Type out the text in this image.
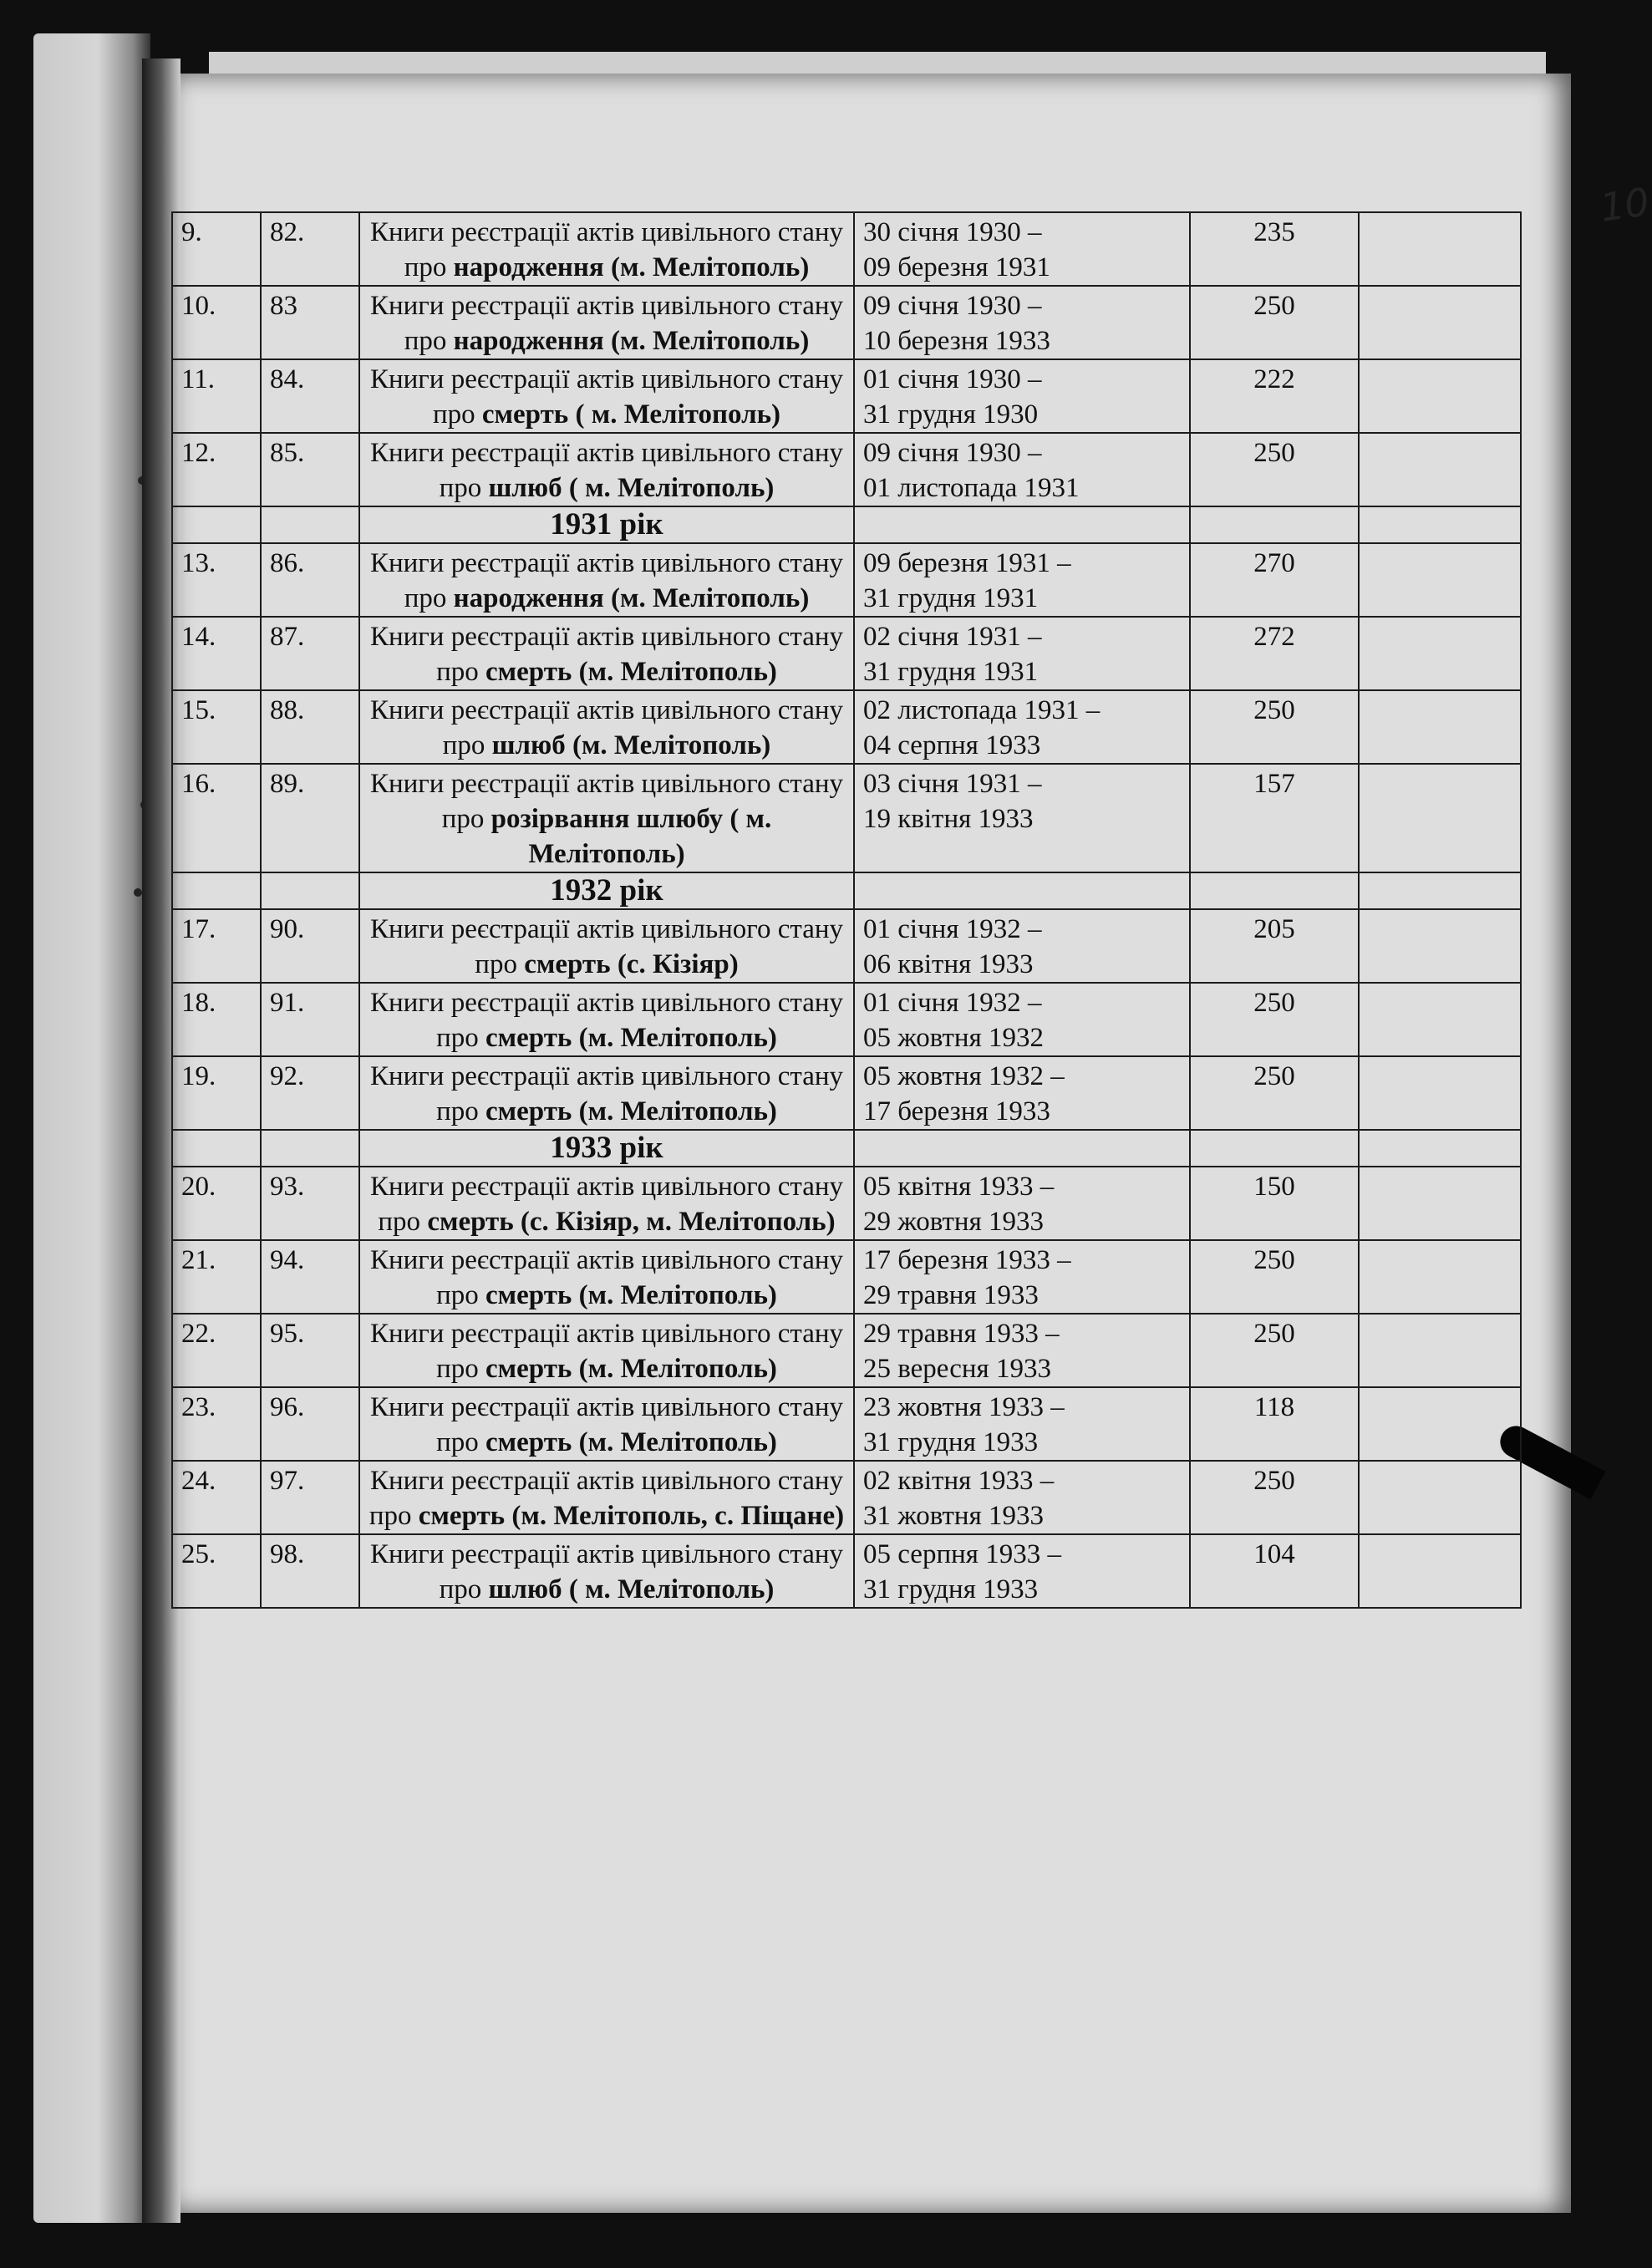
10
9.	82.	Книги реєстрації актів цивільного стану про народження (м. Мелітополь)	30 січня 1930 –
09 березня 1931	235	
10.	83	Книги реєстрації актів цивільного стану про народження (м. Мелітополь)	09 січня 1930 –
10 березня 1933	250	
11.	84.	Книги реєстрації актів цивільного стану про смерть ( м. Мелітополь)	01 січня 1930 –
31 грудня 1930	222	
12.	85.	Книги реєстрації актів цивільного стану про шлюб ( м. Мелітополь)	09 січня 1930 –
01 листопада 1931	250	
		1931 рік			
13.	86.	Книги реєстрації актів цивільного стану про народження (м. Мелітополь)	09 березня 1931 –
31 грудня 1931	270	
14.	87.	Книги реєстрації актів цивільного стану про смерть (м. Мелітополь)	02 січня 1931 –
31 грудня 1931	272	
15.	88.	Книги реєстрації актів цивільного стану про шлюб (м. Мелітополь)	02 листопада 1931 –
04 серпня 1933	250	
16.	89.	Книги реєстрації актів цивільного стану про розірвання шлюбу ( м. Мелітополь)	03 січня 1931 –
19 квітня 1933	157	
		1932 рік			
17.	90.	Книги реєстрації актів цивільного стану про смерть (с. Кізіяр)	01 січня 1932 –
06 квітня 1933	205	
18.	91.	Книги реєстрації актів цивільного стану про смерть (м. Мелітополь)	01 січня 1932 –
05 жовтня 1932	250	
19.	92.	Книги реєстрації актів цивільного стану про смерть (м. Мелітополь)	05 жовтня 1932 –
17 березня 1933	250	
		1933 рік			
20.	93.	Книги реєстрації актів цивільного стану про смерть (с. Кізіяр, м. Мелітополь)	05 квітня 1933 –
29 жовтня 1933	150	
21.	94.	Книги реєстрації актів цивільного стану про смерть (м. Мелітополь)	17 березня 1933 –
29 травня 1933	250	
22.	95.	Книги реєстрації актів цивільного стану про смерть (м. Мелітополь)	29 травня 1933 –
25 вересня 1933	250	
23.	96.	Книги реєстрації актів цивільного стану про смерть (м. Мелітополь)	23 жовтня 1933 –
31 грудня 1933	118	
24.	97.	Книги реєстрації актів цивільного стану про смерть (м. Мелітополь, с. Піщане)	02 квітня 1933 –
31 жовтня 1933	250	
25.	98.	Книги реєстрації актів цивільного стану про шлюб ( м. Мелітополь)	05 серпня 1933 –
31 грудня 1933	104	
